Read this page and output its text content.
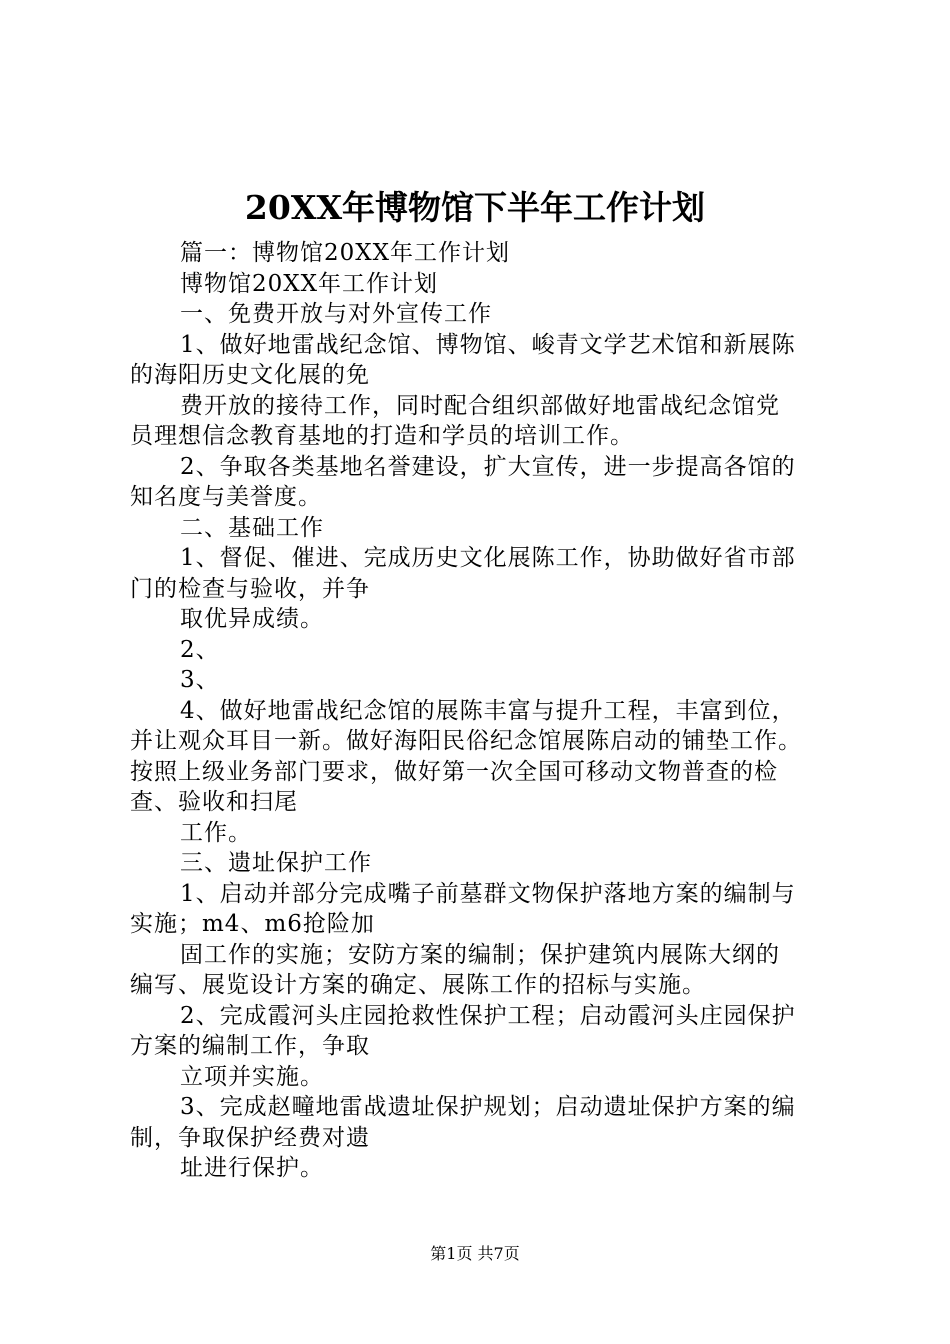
20XX年博物馆下半年工作计划
篇一：博物馆20XX年工作计划
博物馆20XX年工作计划
一、免费开放与对外宣传工作
1、做好地雷战纪念馆、博物馆、峻青文学艺术馆和新展陈
的海阳历史文化展的免
费开放的接待工作，同时配合组织部做好地雷战纪念馆党
员理想信念教育基地的打造和学员的培训工作。
2、争取各类基地名誉建设，扩大宣传，进一步提高各馆的
知名度与美誉度。
二、基础工作
1、督促、催进、完成历史文化展陈工作，协助做好省市部
门的检查与验收，并争
取优异成绩。
2、
3、
4、做好地雷战纪念馆的展陈丰富与提升工程，丰富到位，
并让观众耳目一新。做好海阳民俗纪念馆展陈启动的铺垫工作。
按照上级业务部门要求，做好第一次全国可移动文物普查的检
查、验收和扫尾
工作。
三、遗址保护工作
1、启动并部分完成嘴子前墓群文物保护落地方案的编制与
实施；m4、m6抢险加
固工作的实施；安防方案的编制；保护建筑内展陈大纲的
编写、展览设计方案的确定、展陈工作的招标与实施。
2、完成霞河头庄园抢救性保护工程；启动霞河头庄园保护
方案的编制工作，争取
立项并实施。
3、完成赵疃地雷战遗址保护规划；启动遗址保护方案的编
制，争取保护经费对遗
址进行保护。
第1页 共7页
